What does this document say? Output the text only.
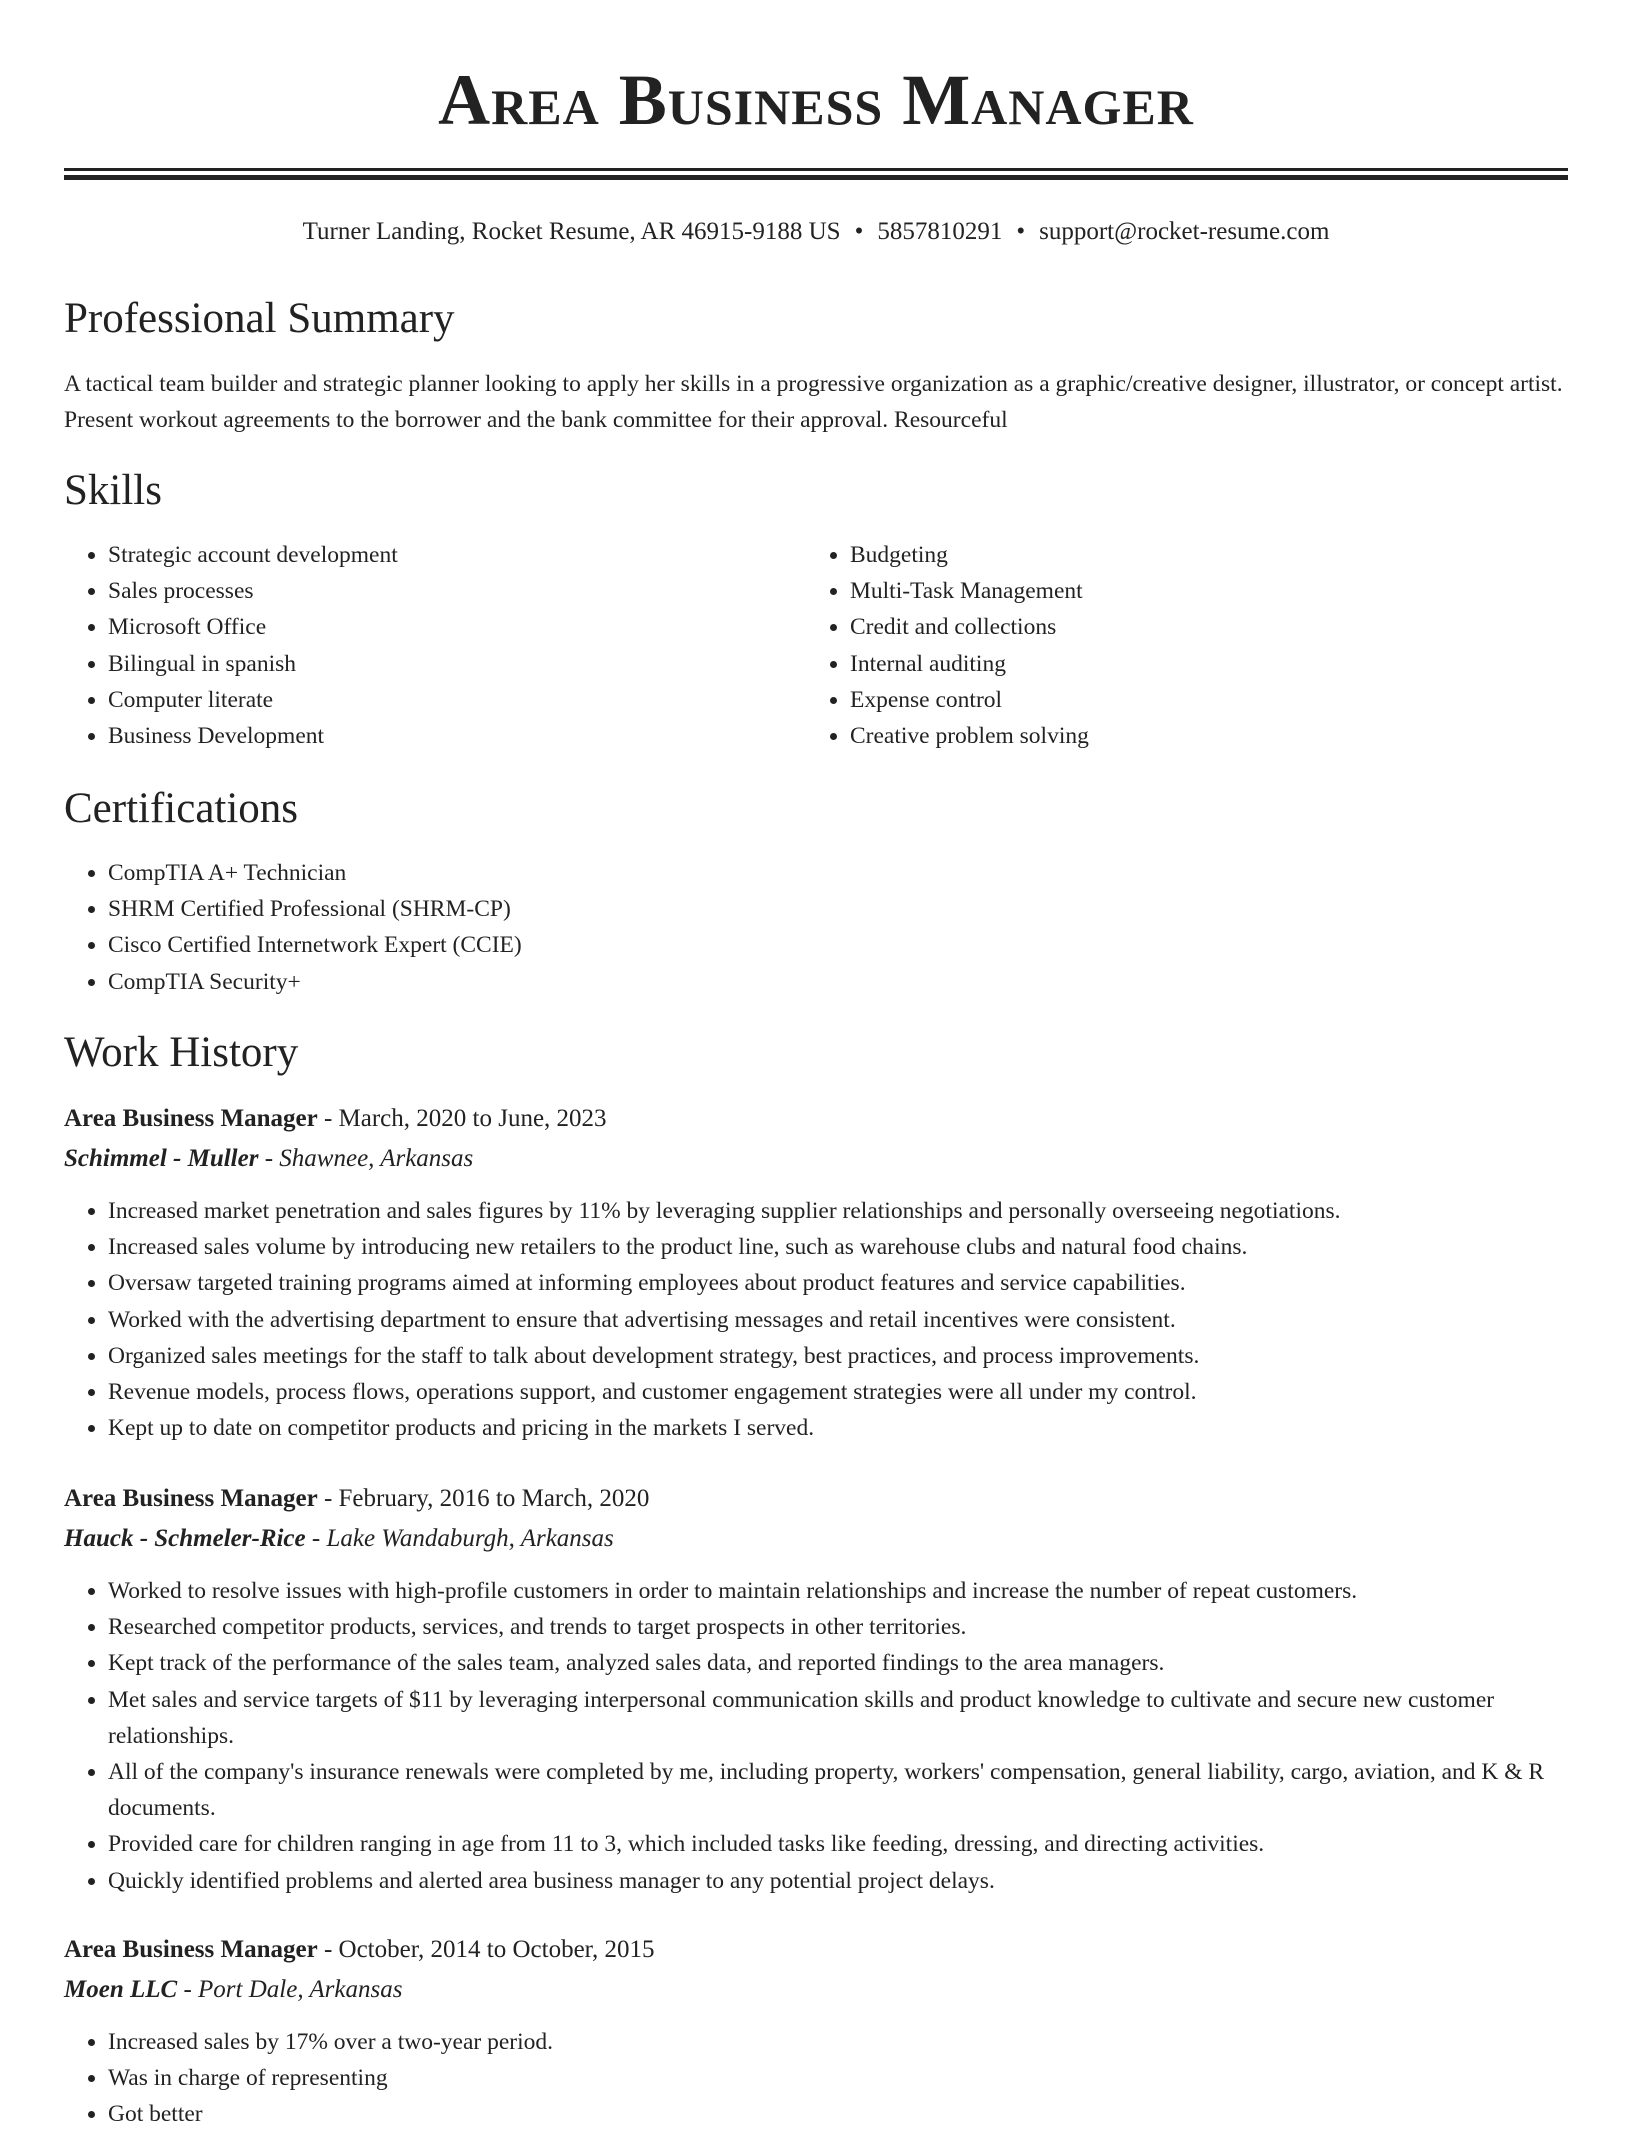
Area Business Manager
Turner Landing, Rocket Resume, AR 46915-9188 US • 5857810291 • support@rocket-resume.com
Professional Summary

A tactical team builder and strategic planner looking to apply her skills in a progressive organization as a graphic/creative designer, illustrator, or concept artist. Present workout agreements to the borrower and the bank committee for their approval. Resourceful

Skills
• Strategic account development
• Sales processes
• Microsoft Office
• Bilingual in spanish
• Computer literate
• Business Development
• Budgeting
• Multi-Task Management
• Credit and collections
• Internal auditing
• Expense control
• Creative problem solving
Certifications
• CompTIA A+ Technician
• SHRM Certified Professional (SHRM-CP)
• Cisco Certified Internetwork Expert (CCIE)
• CompTIA Security+
Work History
Area Business Manager - March, 2020 to June, 2023
Schimmel - Muller - Shawnee, Arkansas
• Increased market penetration and sales figures by 11% by leveraging supplier relationships and personally overseeing negotiations.
• Increased sales volume by introducing new retailers to the product line, such as warehouse clubs and natural food chains.
• Oversaw targeted training programs aimed at informing employees about product features and service capabilities.
• Worked with the advertising department to ensure that advertising messages and retail incentives were consistent.
• Organized sales meetings for the staff to talk about development strategy, best practices, and process improvements.
• Revenue models, process flows, operations support, and customer engagement strategies were all under my control.
• Kept up to date on competitor products and pricing in the markets I served.
Area Business Manager - February, 2016 to March, 2020
Hauck - Schmeler-Rice - Lake Wandaburgh, Arkansas
• Worked to resolve issues with high-profile customers in order to maintain relationships and increase the number of repeat customers.
• Researched competitor products, services, and trends to target prospects in other territories.
• Kept track of the performance of the sales team, analyzed sales data, and reported findings to the area managers.
• Met sales and service targets of $11 by leveraging interpersonal communication skills and product knowledge to cultivate and secure new customer relationships.
• All of the company's insurance renewals were completed by me, including property, workers' compensation, general liability, cargo, aviation, and K & R documents.
• Provided care for children ranging in age from 11 to 3, which included tasks like feeding, dressing, and directing activities.
• Quickly identified problems and alerted area business manager to any potential project delays.
Area Business Manager - October, 2014 to October, 2015
Moen LLC - Port Dale, Arkansas
• Increased sales by 17% over a two-year period.
• Was in charge of representing
• Got better
